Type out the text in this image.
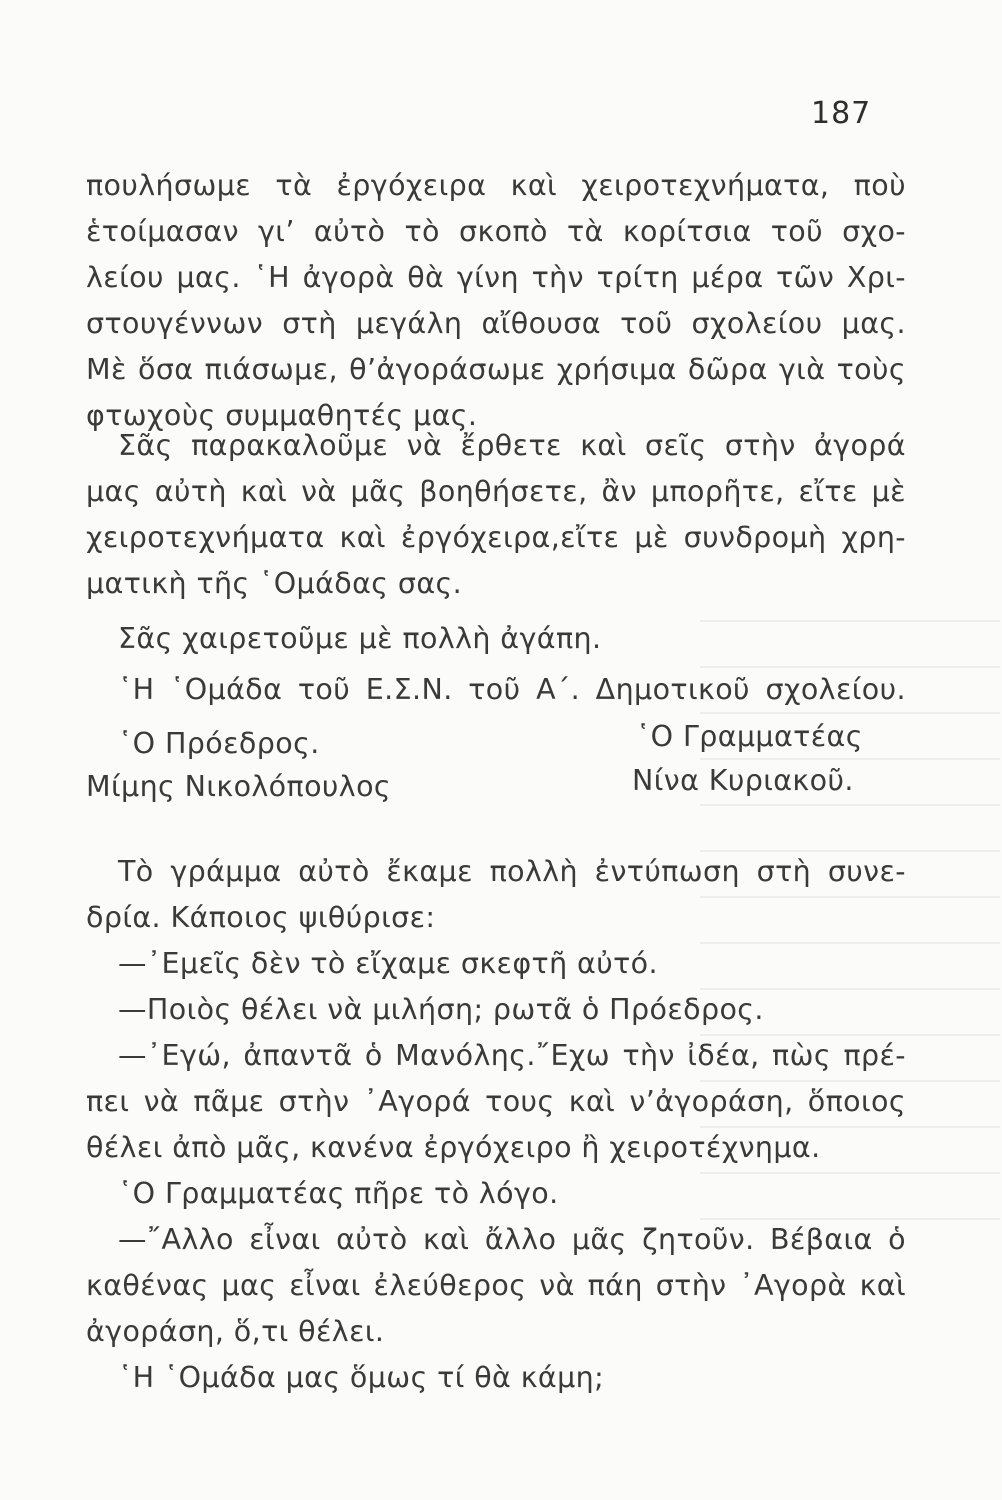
187
πουλήσωμε τὰ ἐργόχειρα καὶ χειροτεχνήματα, ποὺ
ἑτοίμασαν γι’ αὐτὸ τὸ σκοπὸ τὰ κορίτσια τοῦ σχο-
λείου μας. ῾Η ἀγορὰ θὰ γίνη τὴν τρίτη μέρα τῶν Χρι-
στουγέννων στὴ μεγάλη αἴθουσα τοῦ σχολείου μας.
Μὲ ὅσα πιάσωμε, θ’ἀγοράσωμε χρήσιμα δῶρα γιὰ τοὺς
φτωχοὺς συμμαθητές μας.
Σᾶς παρακαλοῦμε νὰ ἔρθετε καὶ σεῖς στὴν ἀγορά
μας αὐτὴ καὶ νὰ μᾶς βοηθήσετε, ἂν μπορῆτε, εἴτε μὲ
χειροτεχνήματα καὶ ἐργόχειρα,εἴτε μὲ συνδρομὴ χρη-
ματικὴ τῆς ῾Ομάδας σας.
Σᾶς χαιρετοῦμε μὲ πολλὴ ἀγάπη.
῾Η ῾Ομάδα τοῦ Ε.Σ.Ν. τοῦ Α΄. Δημοτικοῦ σχολείου.
῾Ο Πρόεδρος.
Μίμης Νικολόπουλος
῾Ο Γραμματέας
Νίνα Κυριακοῦ.
Τὸ γράμμα αὐτὸ ἔκαμε πολλὴ ἐντύπωση στὴ συνε-
δρία. Κάποιος ψιθύρισε:
—᾿Εμεῖς δὲν τὸ εἴχαμε σκεφτῆ αὐτό.
—Ποιὸς θέλει νὰ μιλήση; ρωτᾶ ὁ Πρόεδρος.
—᾿Εγώ, ἀπαντᾶ ὁ Μανόλης.῎Εχω τὴν ἰδέα, πὼς πρέ-
πει νὰ πᾶμε στὴν ᾿Αγορά τους καὶ ν’ἀγοράση, ὅποιος
θέλει ἀπὸ μᾶς, κανένα ἐργόχειρο ἢ χειροτέχνημα.
῾Ο Γραμματέας πῆρε τὸ λόγο.
—῎Αλλο εἶναι αὐτὸ καὶ ἄλλο μᾶς ζητοῦν. Βέβαια ὁ
καθένας μας εἶναι ἐλεύθερος νὰ πάη στὴν ᾿Αγορὰ καὶ
ἀγοράση, ὅ,τι θέλει.
῾Η ῾Ομάδα μας ὅμως τί θὰ κάμη;
